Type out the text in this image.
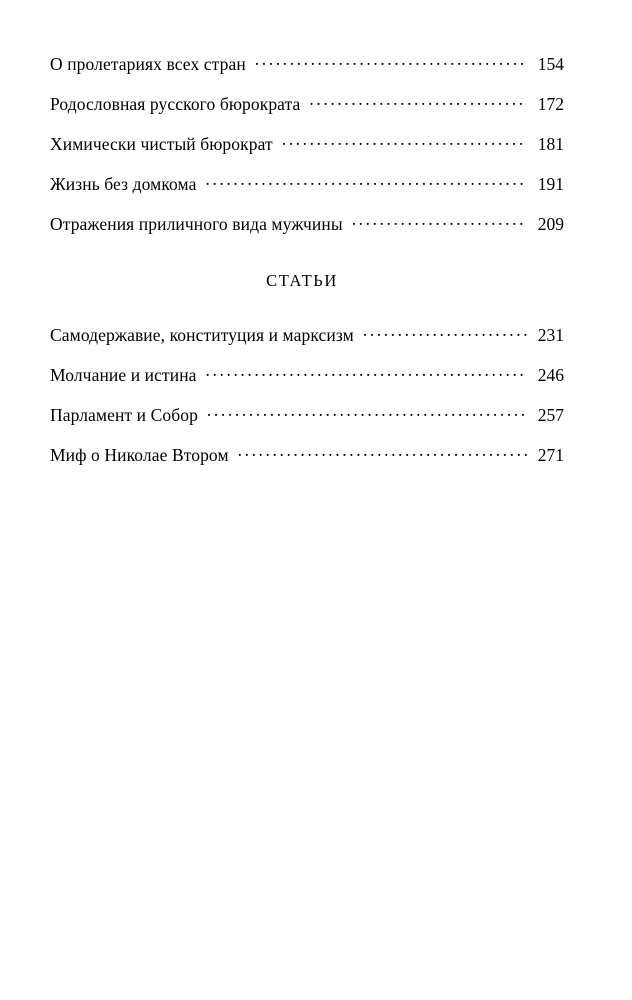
О пролетариях всех стран .....	154
Родословная русского бюрократа .....	172
Химически чистый бюрократ .....	181
Жизнь без домкома .....	191
Отражения приличного вида мужчины .....	209
СТАТЬИ
Самодержавие, конституция и марксизм .....	231
Молчание и истина .....	246
Парламент и Собор .....	257
Миф о Николае Втором .....	271
